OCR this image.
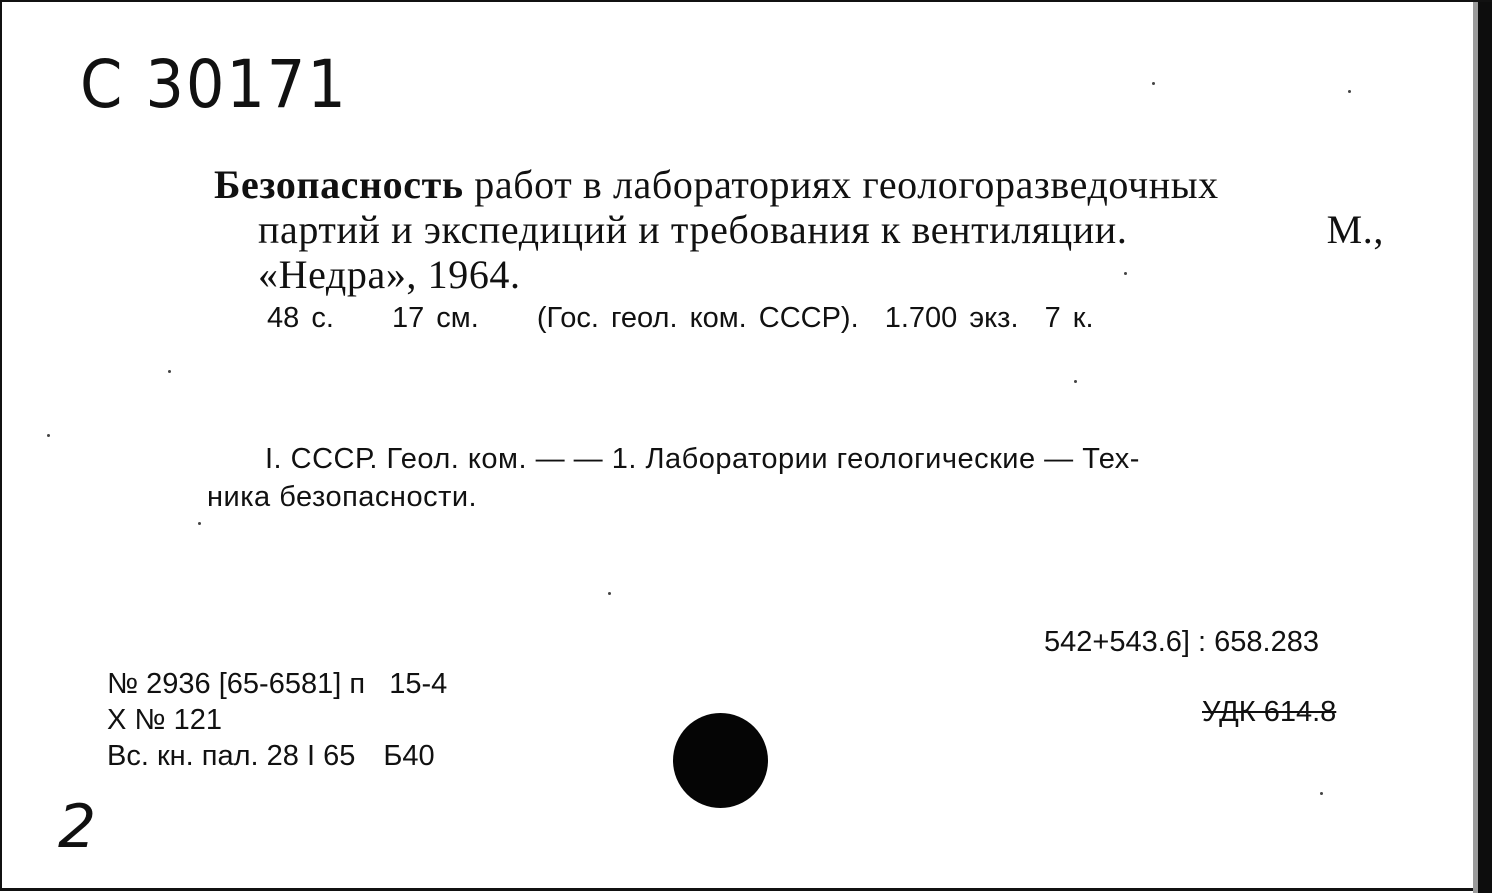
С 30171
Безопасность работ в лабораториях геологоразведочных
партий и экспедиций и требования к вентиляции.	М.,
«Недра», 1964.
48 с. 17 см. (Гос. геол. ком. СССР). 1.700 экз. 7 к.
I. СССР. Геол. ком. — — 1. Лаборатории геологические — Тех-
ника безопасности.
542+543.6] : 658.283
УДК 614.8
№ 2936 [65-6581] п   15-4
X № 121
Вс. кн. пал. 28 I 65 Б40
2
